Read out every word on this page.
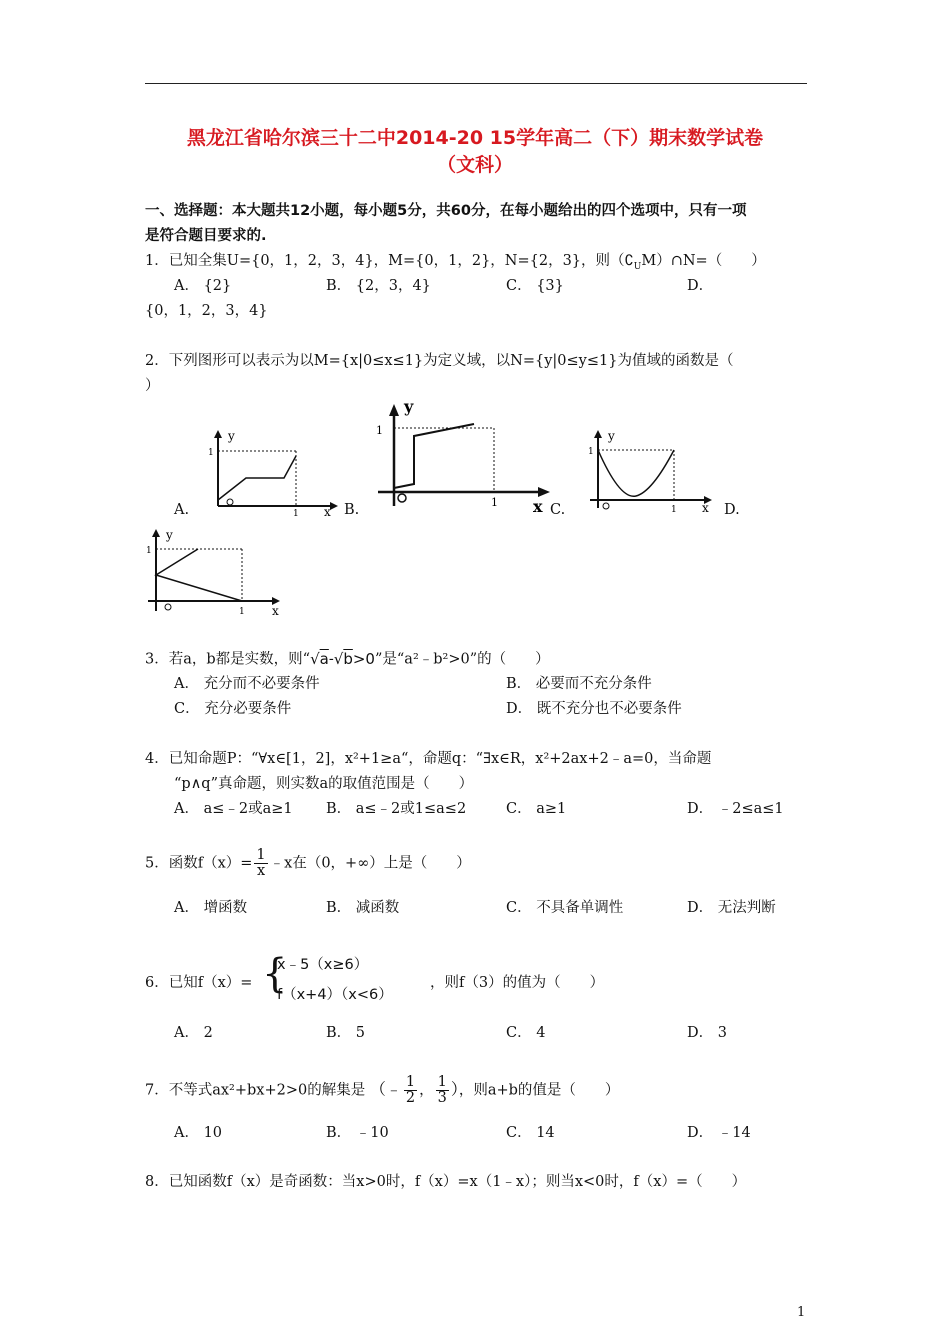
黑龙江省哈尔滨三十二中2014-20 15学年高二（下）期末数学试卷
（文科）
一、选择题：本大题共12小题，每小题5分，共60分，在每小题给出的四个选项中，只有一项
是符合题目要求的.
1．已知全集U={0，1，2，3，4}，M={0，1，2}，N={2，3}，则$(∁_UM)\cap N=$（　　）
A． {2}	B． {2，3，4}	C． {3}	D．
{0，1，2，3，4}
2．下列图形可以表示为以M={x|0≤x≤1}为定义域，以N={y|0≤y≤1}为值域的函数是（
）
y
1
1 x
A.
y
1
1 x
B.
y
1
1 x
C.	D.
y
1
1 x
3．若a，b都是实数，则“√a-√b>0”是“a²﹣b²>0”的（　　）
A． 充分而不必要条件	B． 必要而不充分条件
C． 充分必要条件	D． 既不充分也不必要条件
4．已知命题P：“∀x∈[1，2]，x²+1≥a“，命题q：“∃x∈R，x²+2ax+2﹣a=0，当命题
“p∧q”真命题，则实数a的取值范围是（　　）
A． a≤﹣2或a≥1 B． a≤﹣2或1≤a≤2	C． a≥1	D． ﹣2≤a≤1
5．函数$f(x)= \frac{1}{x}$ ﹣x在（0，+∞）上是（　　）
A． 增函数	B． 减函数	C． 不具备单调性	D． 无法判断
6．已知f（x）= {
x﹣5（x≥6）
f（x+4）（x<6）
，则f（3）的值为（　　）
A． 2	B． 5	C． 4	D． 3
7．不等式ax²+bx+2>0的解集是 （﹣ $\frac{1}{2}$ ， $\frac{1}{3}$ ），则a+b的值是（　　）
A． 10	B． ﹣10	C． 14	D． ﹣14
8．已知函数f（x）是奇函数：当x>0时，f（x）=x（1﹣x）；则当x<0时，f（x）=（　　）
1
